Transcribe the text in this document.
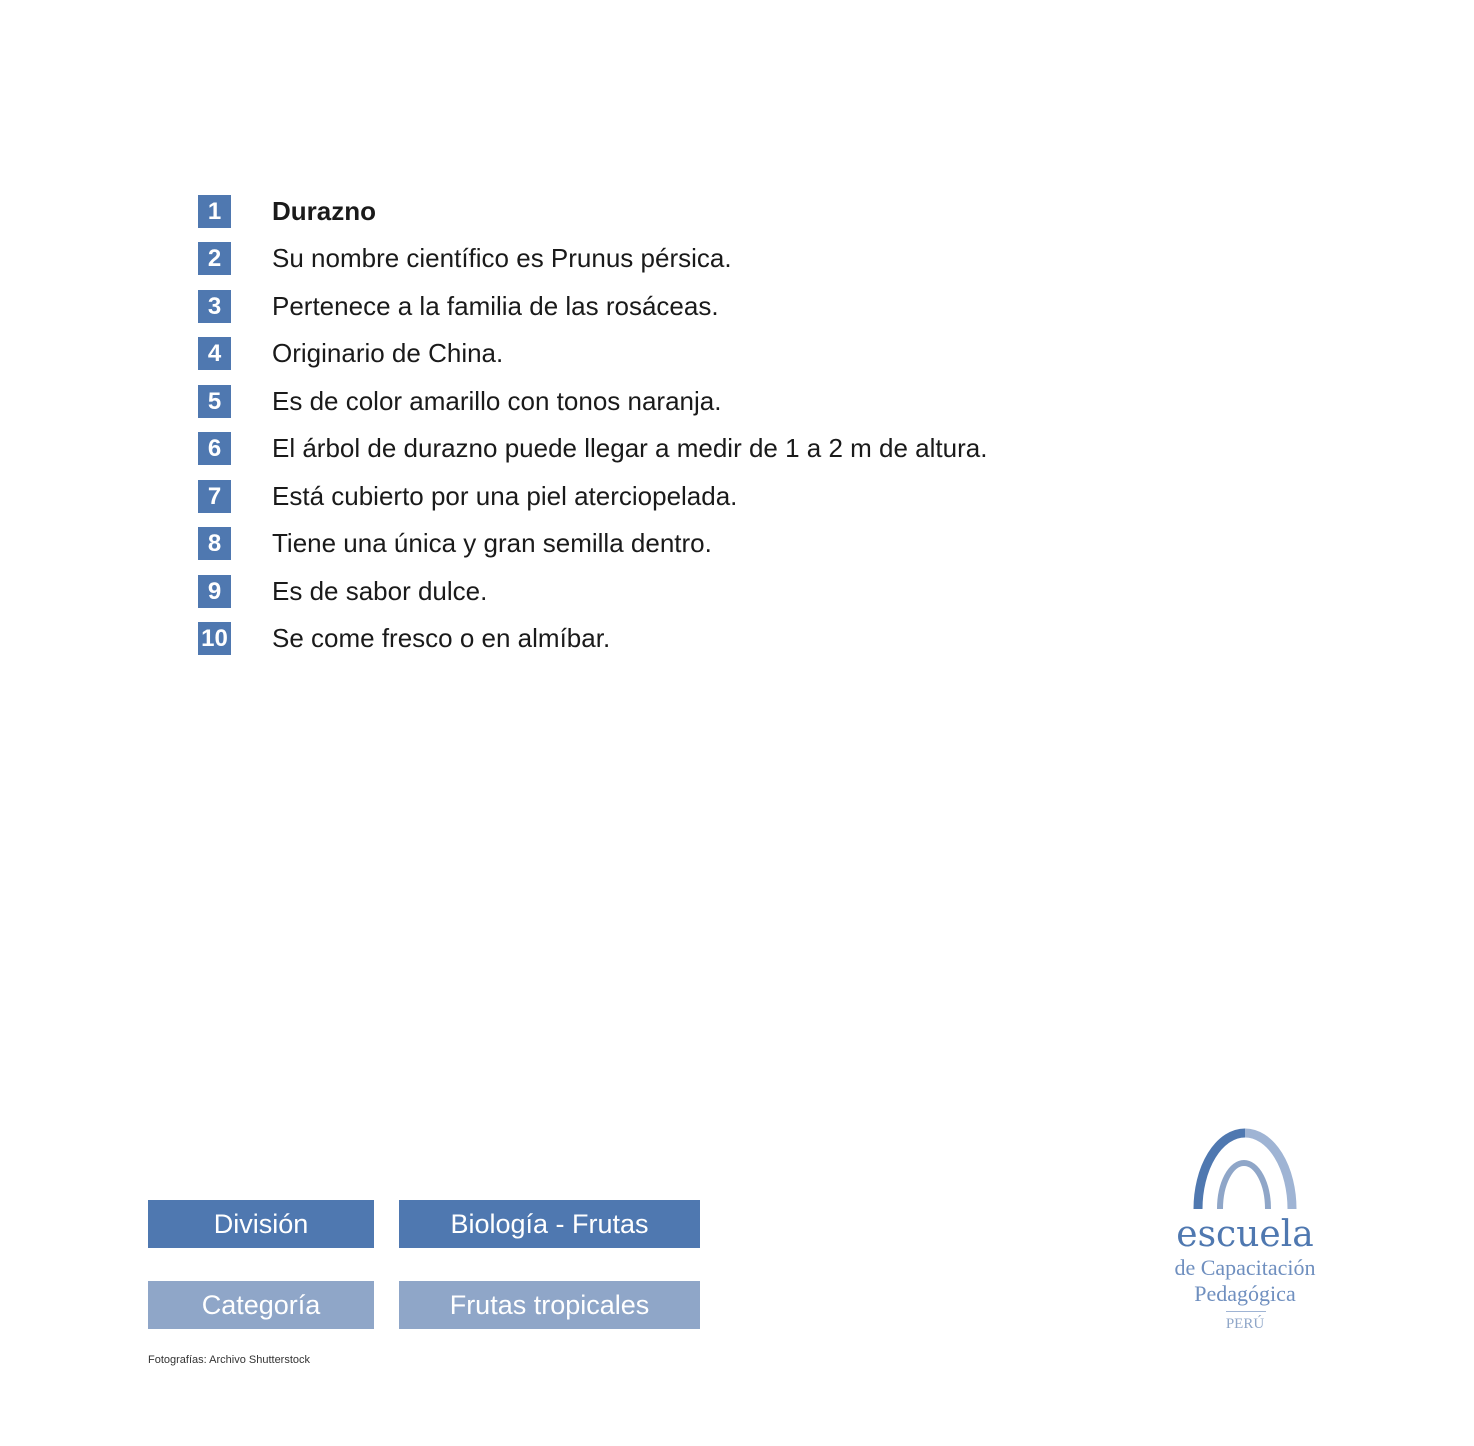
1	Durazno
2	Su nombre científico es Prunus pérsica.
3	Pertenece a la familia de las rosáceas.
4	Originario de China.
5	Es de color amarillo con tonos naranja.
6	El árbol de durazno puede llegar a medir de 1 a 2 m de altura.
7	Está cubierto por una piel aterciopelada.
8	Tiene una única y gran semilla dentro.
9	Es de sabor dulce.
10 Se come fresco o en almíbar.
División	Biología - Frutas
Categoría	Frutas tropicales
Fotografías: Archivo Shutterstock
escuela
de Capacitación
Pedagógica
PERÚ
